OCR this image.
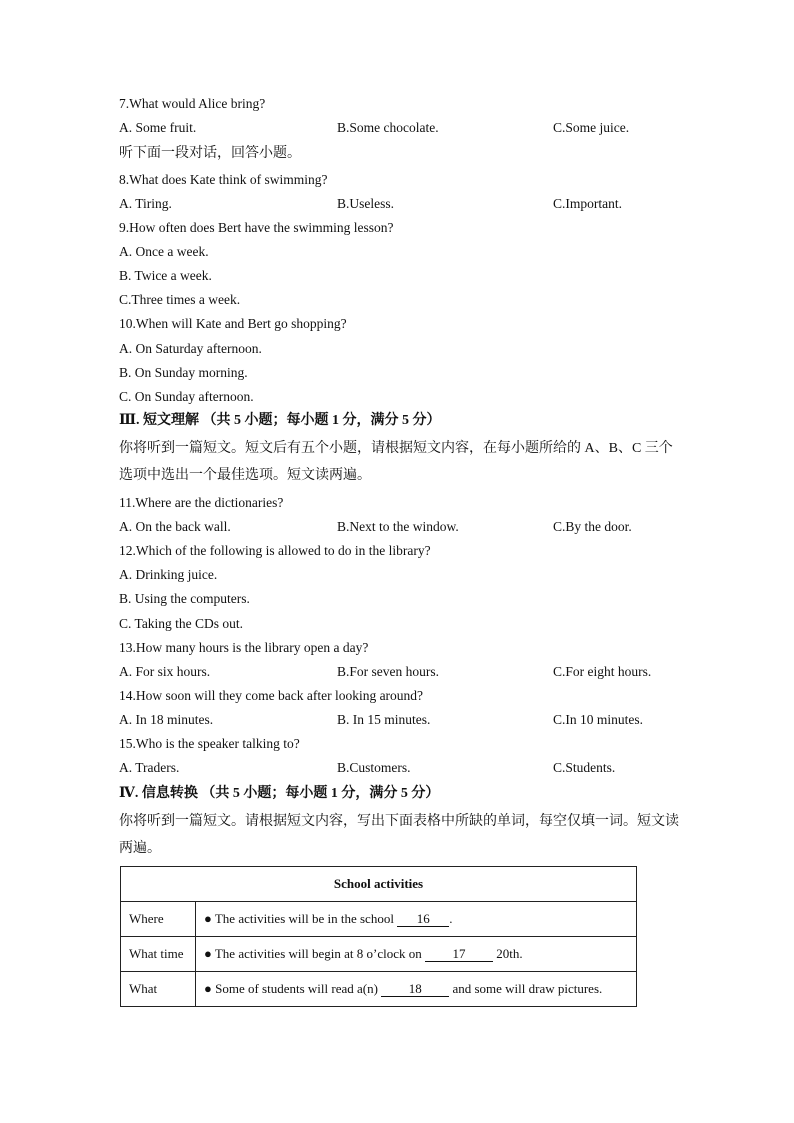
7.What would Alice bring?
A. Some fruit.	B.Some chocolate.	C.Some juice.
听下面一段对话，回答小题。
8.What does Kate think of swimming?
A. Tiring.	B.Useless.	C.Important.
9.How often does Bert have the swimming lesson?
A. Once a week.
B. Twice a week.
C.Three times a week.
10.When will Kate and Bert go shopping?
A. On Saturday afternoon.
B. On Sunday morning.
C. On Sunday afternoon.
Ⅲ. 短文理解 （共 5 小题；每小题 1 分，满分 5 分）
你将听到一篇短文。短文后有五个小题，请根据短文内容，在每小题所给的 A、B、C 三个选项中选出一个最佳选项。短文读两遍。
11.Where are the dictionaries?
A. On the back wall.	B.Next to the window.	C.By the door.
12.Which of the following is allowed to do in the library?
A. Drinking juice.
B. Using the computers.
C. Taking the CDs out.
13.How many hours is the library open a day?
A. For six hours.	B.For seven hours.	C.For eight hours.
14.How soon will they come back after looking around?
A. In 18 minutes.	B. In 15 minutes.	C.In 10 minutes.
15.Who is the speaker talking to?
A. Traders.	B.Customers.	C.Students.
Ⅳ. 信息转换 （共 5 小题；每小题 1 分，满分 5 分）
你将听到一篇短文。请根据短文内容，写出下面表格中所缺的单词，每空仅填一词。短文读两遍。
School activities	
Where	● The activities will be in the school 16 .
What time	● The activities will begin at 8 o’clock on 17 20th.
What	● Some of students will read a(n) 18 and some will draw pictures.
